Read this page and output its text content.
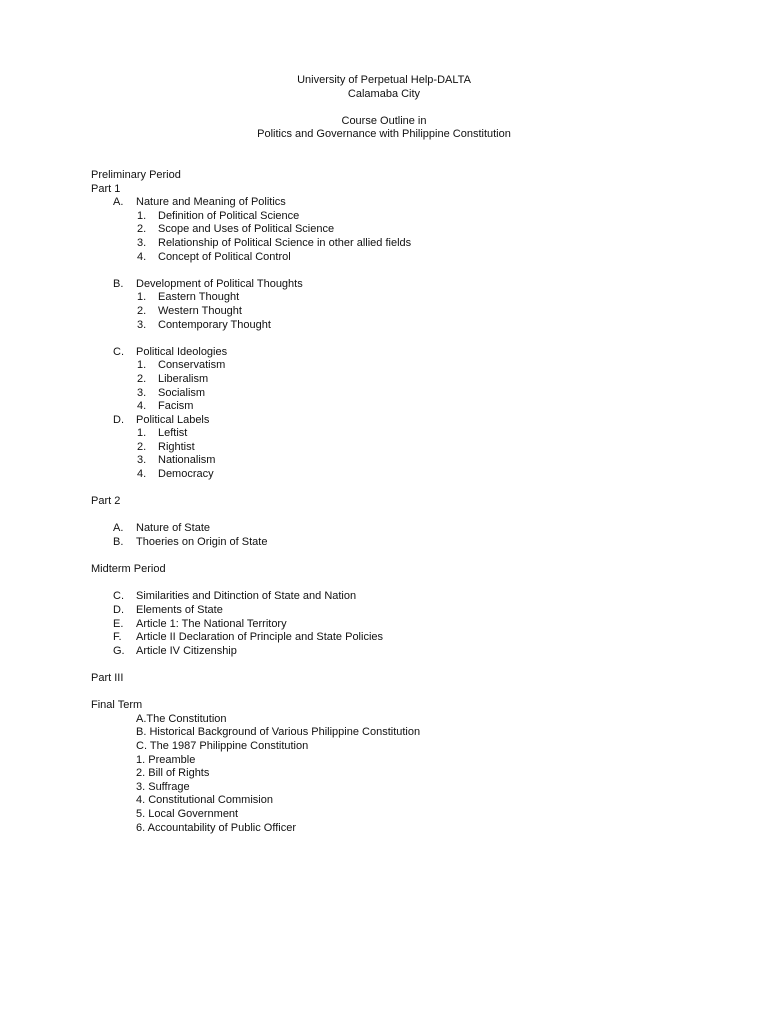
University of Perpetual Help-DALTA
Calamaba City
Course Outline in
Politics and Governance with Philippine Constitution
Preliminary Period
Part 1
A. Nature and Meaning of Politics
1. Definition of Political Science
2. Scope and Uses of Political Science
3. Relationship of Political Science in other allied fields
4. Concept of Political Control
B. Development of Political Thoughts
1. Eastern Thought
2. Western Thought
3. Contemporary Thought
C. Political Ideologies
1. Conservatism
2. Liberalism
3. Socialism
4. Facism
D. Political Labels
1. Leftist
2. Rightist
3. Nationalism
4. Democracy
Part 2
A. Nature of State
B. Thoeries on Origin of State
Midterm Period
C. Similarities and Ditinction of State and Nation
D. Elements of State
E. Article 1: The National Territory
F. Article II Declaration of Principle and State Policies
G. Article IV Citizenship
Part III
Final Term
A.The Constitution
B. Historical Background of Various Philippine Constitution
C. The 1987 Philippine Constitution
1. Preamble
2. Bill of Rights
3. Suffrage
4. Constitutional Commision
5. Local Government
6. Accountability of Public Officer
